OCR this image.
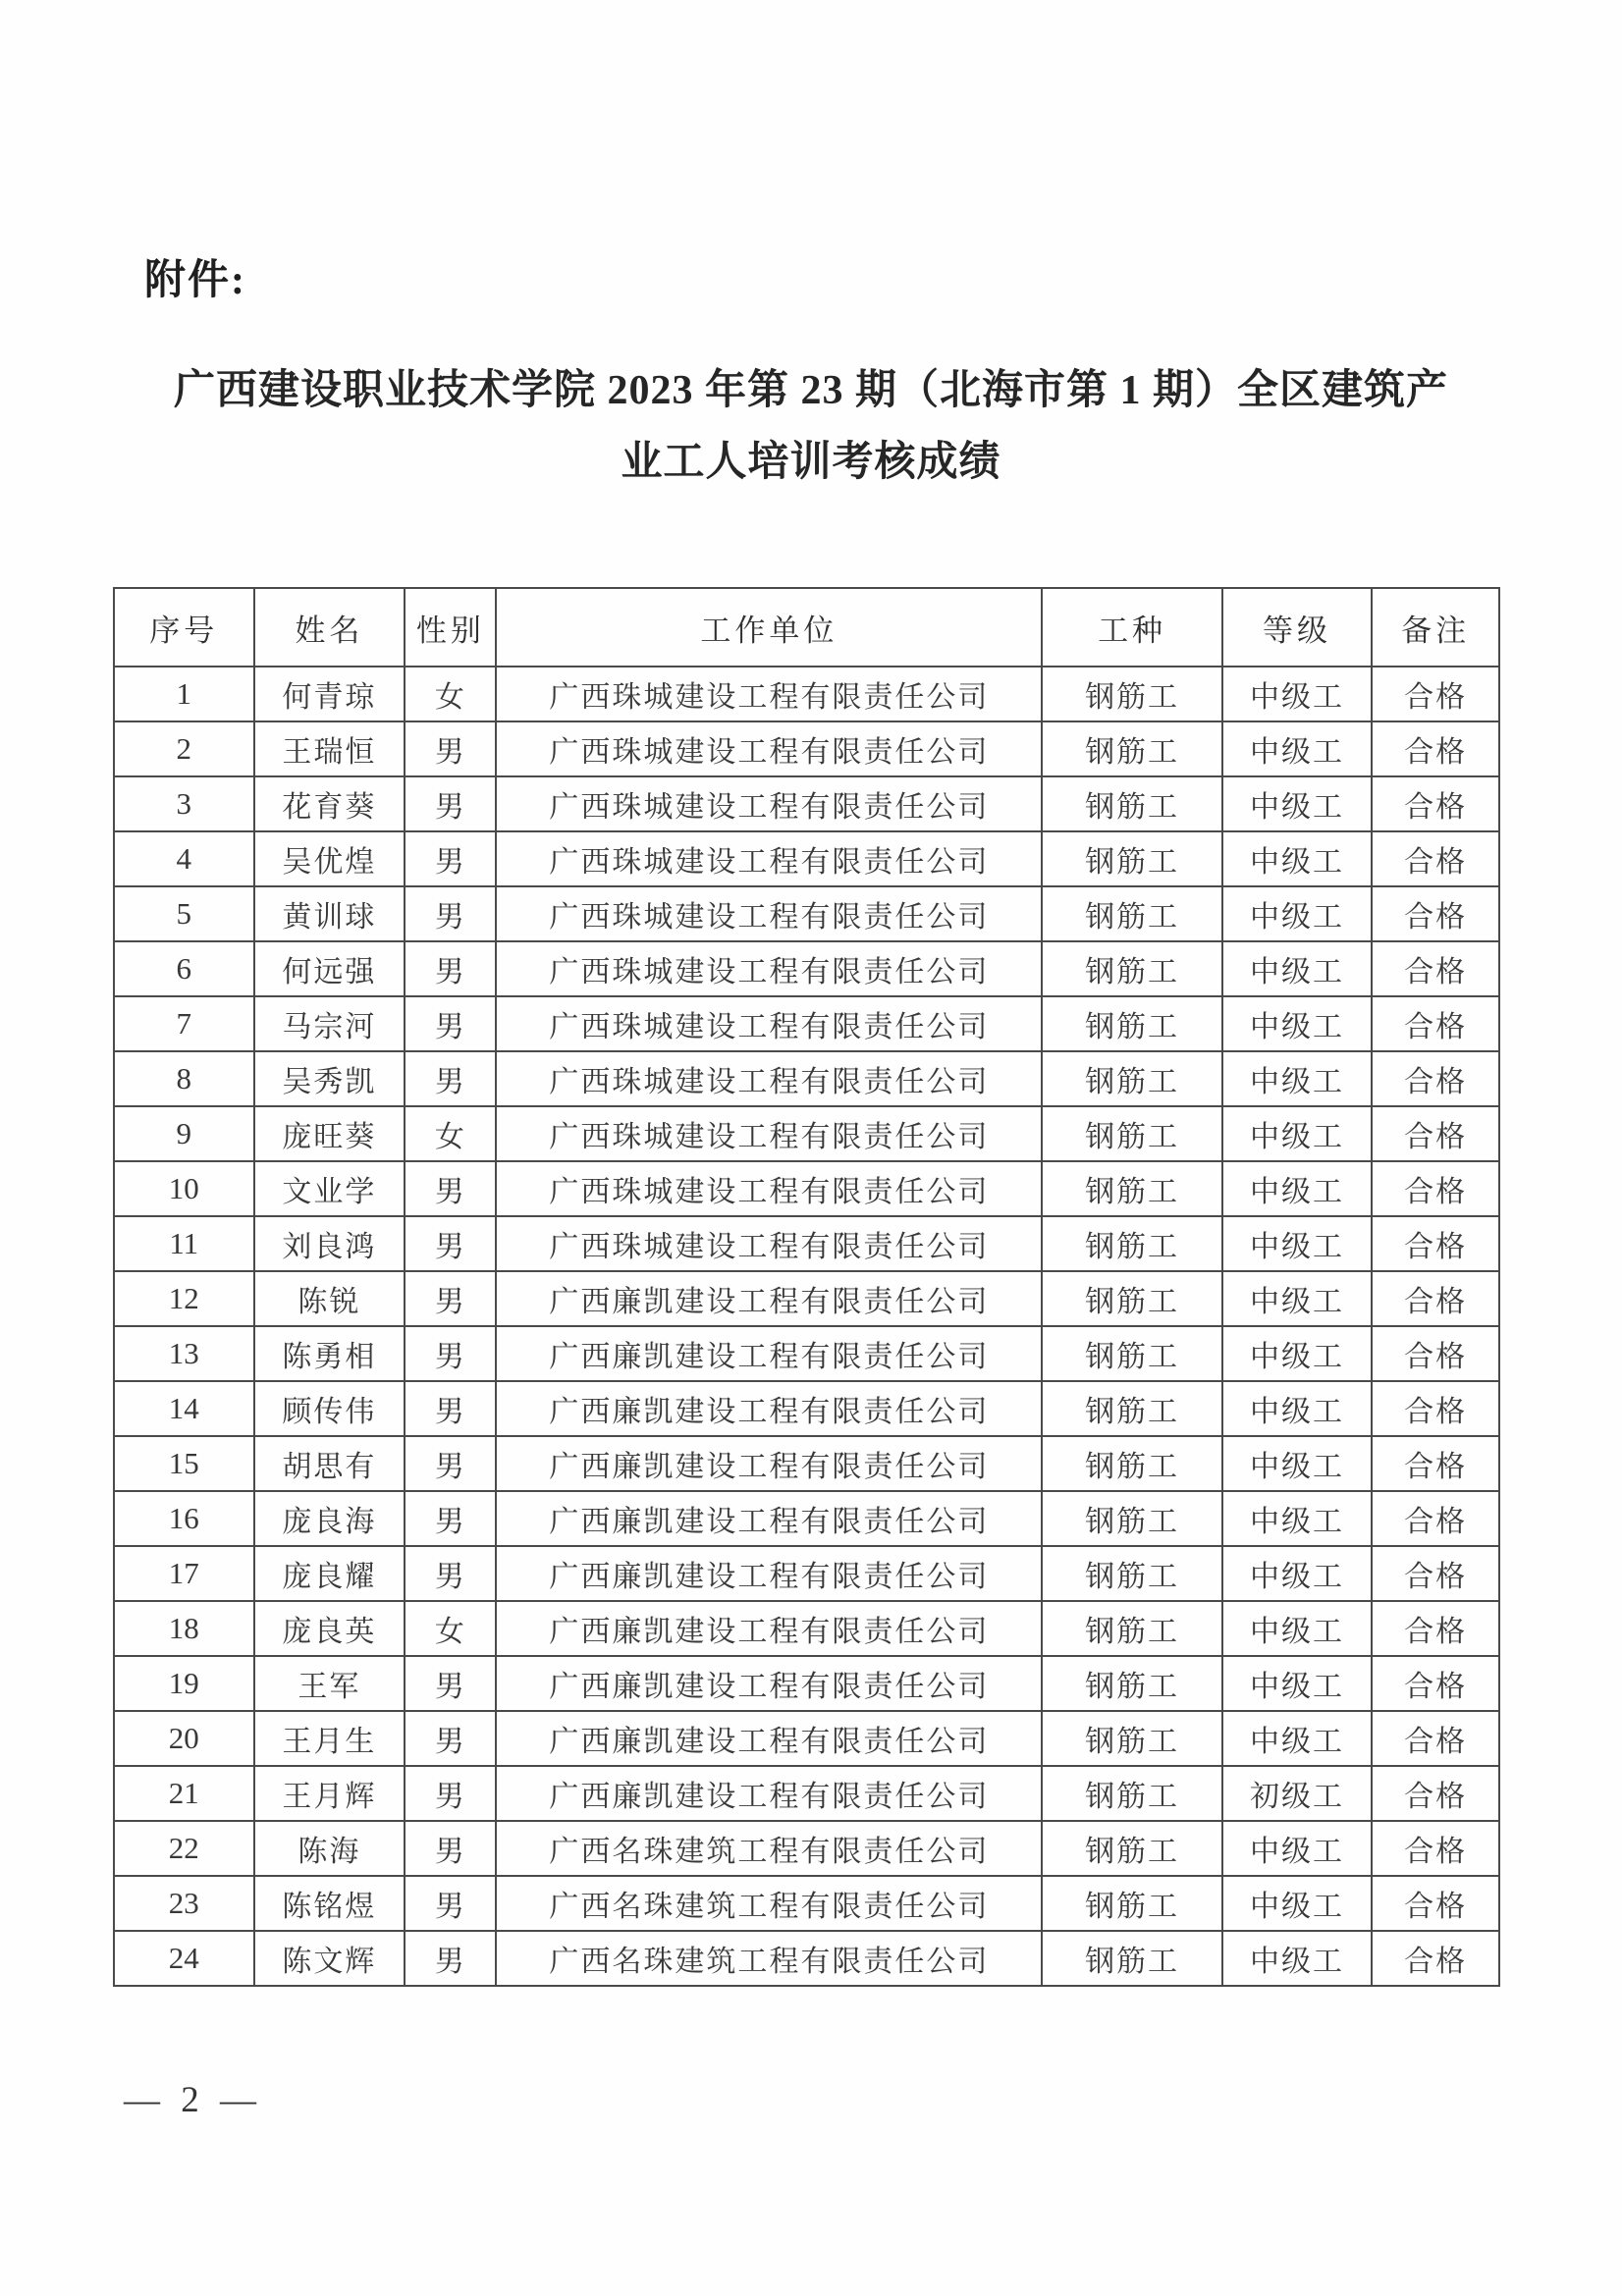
附件:
广西建设职业技术学院 2023 年第 23 期（北海市第 1 期）全区建筑产
业工人培训考核成绩
序号	姓名	性别	工作单位	工种	等级	备注
1	何青琼	女	广西珠城建设工程有限责任公司	钢筋工	中级工	合格
2	王瑞恒	男	广西珠城建设工程有限责任公司	钢筋工	中级工	合格
3	花育葵	男	广西珠城建设工程有限责任公司	钢筋工	中级工	合格
4	吴优煌	男	广西珠城建设工程有限责任公司	钢筋工	中级工	合格
5	黄训球	男	广西珠城建设工程有限责任公司	钢筋工	中级工	合格
6	何远强	男	广西珠城建设工程有限责任公司	钢筋工	中级工	合格
7	马宗河	男	广西珠城建设工程有限责任公司	钢筋工	中级工	合格
8	吴秀凯	男	广西珠城建设工程有限责任公司	钢筋工	中级工	合格
9	庞旺葵	女	广西珠城建设工程有限责任公司	钢筋工	中级工	合格
10	文业学	男	广西珠城建设工程有限责任公司	钢筋工	中级工	合格
11	刘良鸿	男	广西珠城建设工程有限责任公司	钢筋工	中级工	合格
12	陈锐	男	广西廉凯建设工程有限责任公司	钢筋工	中级工	合格
13	陈勇相	男	广西廉凯建设工程有限责任公司	钢筋工	中级工	合格
14	顾传伟	男	广西廉凯建设工程有限责任公司	钢筋工	中级工	合格
15	胡思有	男	广西廉凯建设工程有限责任公司	钢筋工	中级工	合格
16	庞良海	男	广西廉凯建设工程有限责任公司	钢筋工	中级工	合格
17	庞良耀	男	广西廉凯建设工程有限责任公司	钢筋工	中级工	合格
18	庞良英	女	广西廉凯建设工程有限责任公司	钢筋工	中级工	合格
19	王军	男	广西廉凯建设工程有限责任公司	钢筋工	中级工	合格
20	王月生	男	广西廉凯建设工程有限责任公司	钢筋工	中级工	合格
21	王月辉	男	广西廉凯建设工程有限责任公司	钢筋工	初级工	合格
22	陈海	男	广西名珠建筑工程有限责任公司	钢筋工	中级工	合格
23	陈铭煜	男	广西名珠建筑工程有限责任公司	钢筋工	中级工	合格
24	陈文辉	男	广西名珠建筑工程有限责任公司	钢筋工	中级工	合格
— 2 —
